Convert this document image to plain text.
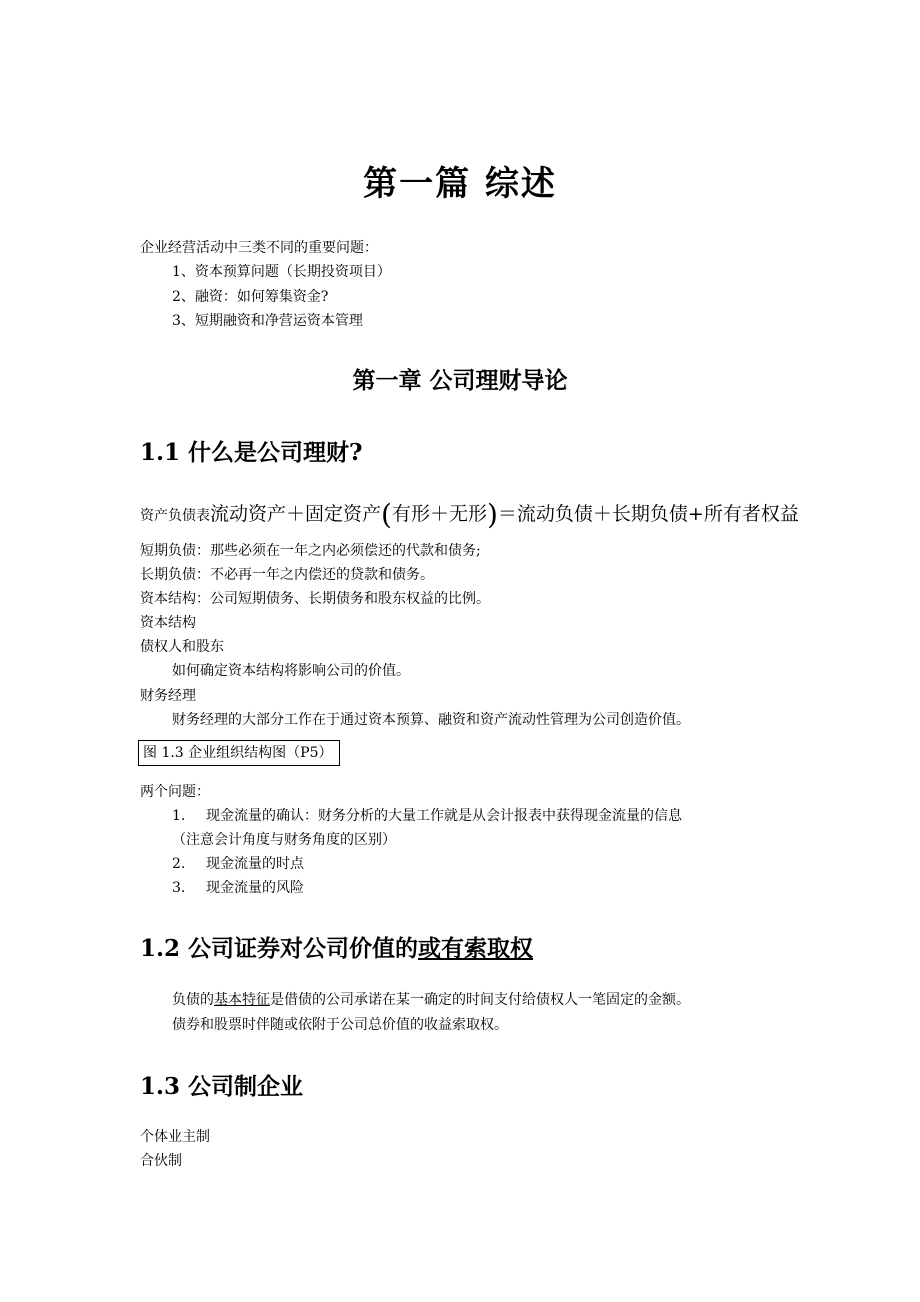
第一篇 综述
企业经营活动中三类不同的重要问题：
1、资本预算问题（长期投资项目）
2、融资：如何筹集资金?
3、短期融资和净营运资本管理
第一章 公司理财导论
1.1 什么是公司理财?
资产负债表流动资产＋固定资产(有形＋无形)＝流动负债＋长期负债+所有者权益
短期负债：那些必须在一年之内必须偿还的代款和债务;
长期负债：不必再一年之内偿还的贷款和债务。
资本结构：公司短期债务、长期债务和股东权益的比例。
资本结构
债权人和股东
如何确定资本结构将影响公司的价值。
财务经理
财务经理的大部分工作在于通过资本预算、融资和资产流动性管理为公司创造价值。
图 1.3 企业组织结构图（P5）
两个问题：
1. 现金流量的确认：财务分析的大量工作就是从会计报表中获得现金流量的信息
（注意会计角度与财务角度的区别）
2. 现金流量的时点
3. 现金流量的风险
1.2 公司证券对公司价值的或有索取权
负债的基本特征是借债的公司承诺在某一确定的时间支付给债权人一笔固定的金额。
债券和股票时伴随或依附于公司总价值的收益索取权。
1.3 公司制企业
个体业主制
合伙制
